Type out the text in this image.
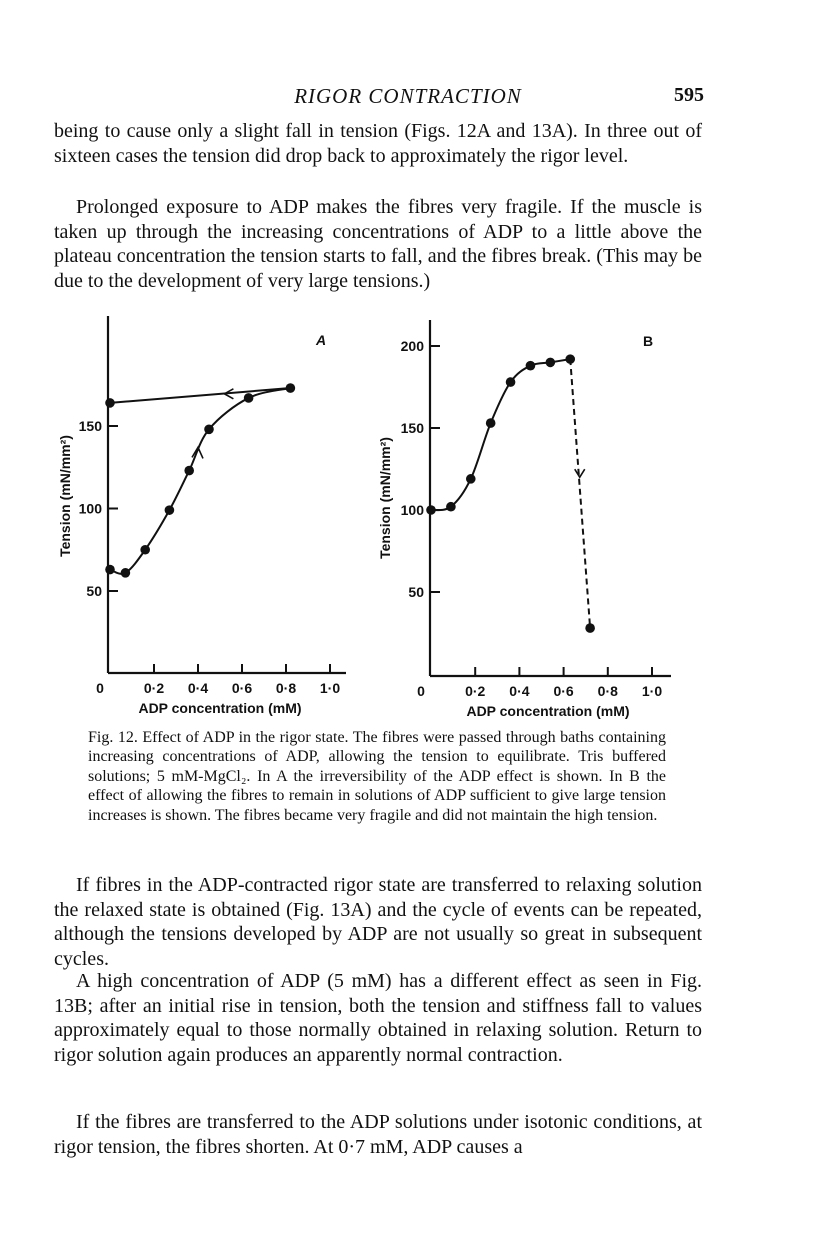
RIGOR CONTRACTION	595

being to cause only a slight fall in tension (Figs. 12A and 13A). In three out of sixteen cases the tension did drop back to approximately the rigor level.

Prolonged exposure to ADP makes the fibres very fragile. If the muscle is taken up through the increasing concentrations of ADP to a little above the plateau concentration the tension starts to fall, and the fibres break. (This may be due to the development of very large tensions.)

A
50
100
150
0	0·2 0·4 0·6 0·8 1·0
ADP concentration (mM)
Tension (mN/mm²)
B
50
100
150
200
0	0·2 0·4 0·6 0·8 1·0
ADP concentration (mM)
Tension (mN/mm²)

Fig. 12. Effect of ADP in the rigor state. The fibres were passed through baths containing increasing concentrations of ADP, allowing the tension to equilibrate. Tris buffered solutions; 5 mM-MgCl₂. In A the irreversibility of the ADP effect is shown. In B the effect of allowing the fibres to remain in solutions of ADP sufficient to give large tension increases is shown. The fibres became very fragile and did not maintain the high tension.

If fibres in the ADP-contracted rigor state are transferred to relaxing solution the relaxed state is obtained (Fig. 13A) and the cycle of events can be repeated, although the tensions developed by ADP are not usually so great in subsequent cycles.

A high concentration of ADP (5 mM) has a different effect as seen in Fig. 13B; after an initial rise in tension, both the tension and stiffness fall to values approximately equal to those normally obtained in relaxing solution. Return to rigor solution again produces an apparently normal contraction.

If the fibres are transferred to the ADP solutions under isotonic conditions, at rigor tension, the fibres shorten. At 0·7 mM, ADP causes a
